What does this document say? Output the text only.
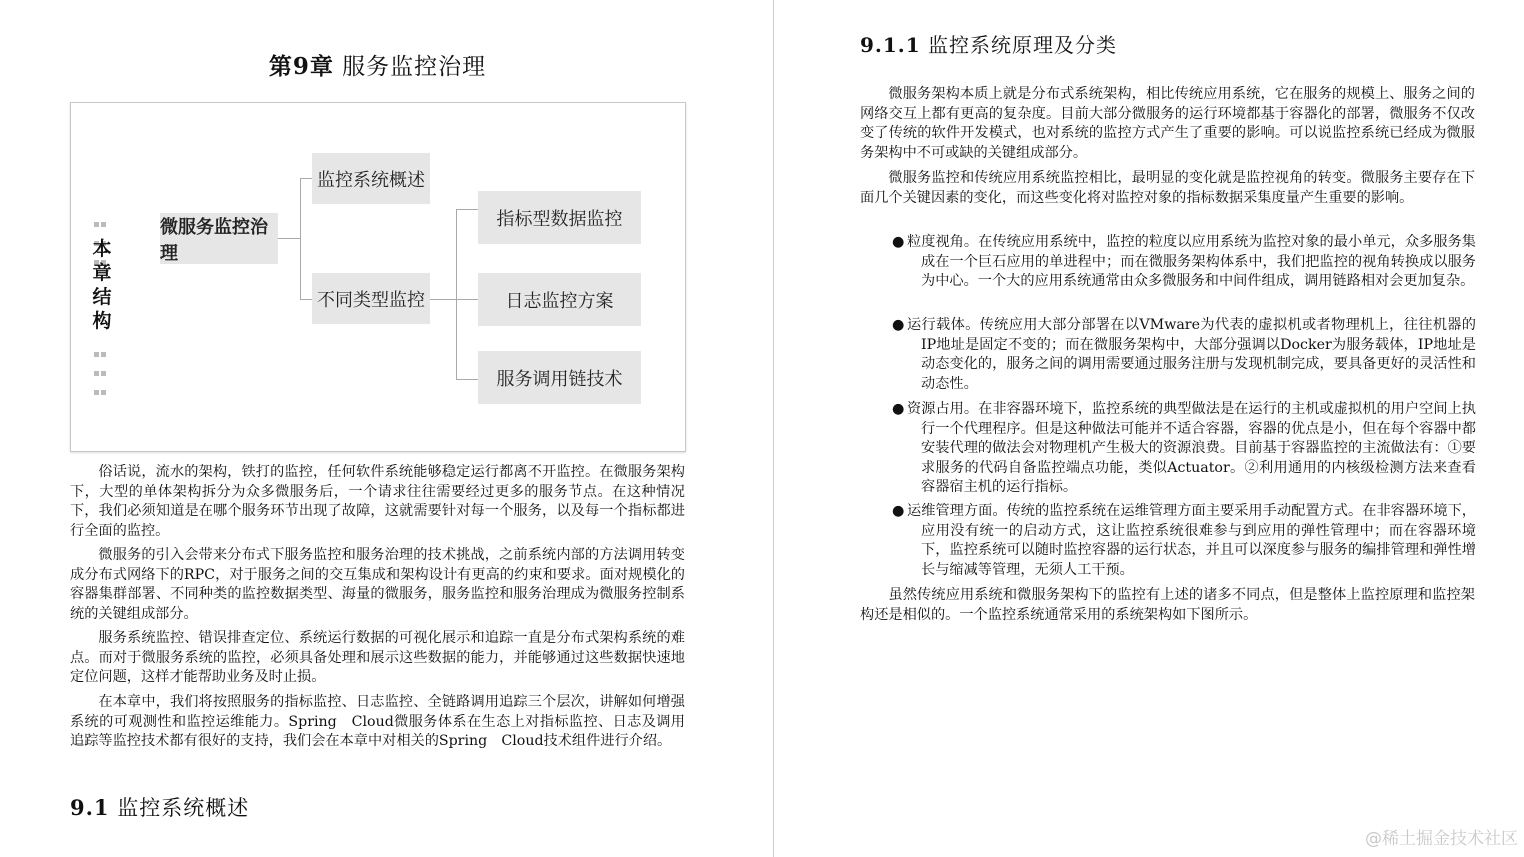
第9章 服务监控治理
本章结构
微服务监控治理
监控系统概述
不同类型监控
指标型数据监控
日志监控方案
服务调用链技术

俗话说，流水的架构，铁打的监控，任何软件系统能够稳定运行都离不开监控。在微服务架构下，大型的单体架构拆分为众多微服务后，一个请求往往需要经过更多的服务节点。在这种情况下，我们必须知道是在哪个服务环节出现了故障，这就需要针对每一个服务，以及每一个指标都进行全面的监控。

微服务的引入会带来分布式下服务监控和服务治理的技术挑战，之前系统内部的方法调用转变成分布式网络下的RPC，对于服务之间的交互集成和架构设计有更高的约束和要求。面对规模化的容器集群部署、不同种类的监控数据类型、海量的微服务，服务监控和服务治理成为微服务控制系统的关键组成部分。

服务系统监控、错误排查定位、系统运行数据的可视化展示和追踪一直是分布式架构系统的难点。而对于微服务系统的监控，必须具备处理和展示这些数据的能力，并能够通过这些数据快速地定位问题，这样才能帮助业务及时止损。

在本章中，我们将按照服务的指标监控、日志监控、全链路调用追踪三个层次，讲解如何增强系统的可观测性和监控运维能力。Spring　Cloud微服务体系在生态上对指标监控、日志及调用追踪等监控技术都有很好的支持，我们会在本章中对相关的Spring　Cloud技术组件进行介绍。

9.1 监控系统概述
9.1.1 监控系统原理及分类

微服务架构本质上就是分布式系统架构，相比传统应用系统，它在服务的规模上、服务之间的网络交互上都有更高的复杂度。目前大部分微服务的运行环境都基于容器化的部署，微服务不仅改变了传统的软件开发模式，也对系统的监控方式产生了重要的影响。可以说监控系统已经成为微服务架构中不可或缺的关键组成部分。

微服务监控和传统应用系统监控相比，最明显的变化就是监控视角的转变。微服务主要存在下面几个关键因素的变化，而这些变化将对监控对象的指标数据采集度量产生重要的影响。

● 粒度视角。在传统应用系统中，监控的粒度以应用系统为监控对象的最小单元，众多服务集成在一个巨石应用的单进程中；而在微服务架构体系中，我们把监控的视角转换成以服务为中心。一个大的应用系统通常由众多微服务和中间件组成，调用链路相对会更加复杂。
● 运行载体。传统应用大部分部署在以VMware为代表的虚拟机或者物理机上，往往机器的IP地址是固定不变的；而在微服务架构中，大部分强调以Docker为服务载体，IP地址是动态变化的，服务之间的调用需要通过服务注册与发现机制完成，要具备更好的灵活性和动态性。
● 资源占用。在非容器环境下，监控系统的典型做法是在运行的主机或虚拟机的用户空间上执行一个代理程序。但是这种做法可能并不适合容器，容器的优点是小，但在每个容器中都安装代理的做法会对物理机产生极大的资源浪费。目前基于容器监控的主流做法有：①要求服务的代码自备监控端点功能，类似Actuator。②利用通用的内核级检测方法来查看容器宿主机的运行指标。
● 运维管理方面。传统的监控系统在运维管理方面主要采用手动配置方式。在非容器环境下，应用没有统一的启动方式，这让监控系统很难参与到应用的弹性管理中；而在容器环境下，监控系统可以随时监控容器的运行状态，并且可以深度参与服务的编排管理和弹性增长与缩减等管理，无须人工干预。

虽然传统应用系统和微服务架构下的监控有上述的诸多不同点，但是整体上监控原理和监控架构还是相似的。一个监控系统通常采用的系统架构如下图所示。

@稀土掘金技术社区
